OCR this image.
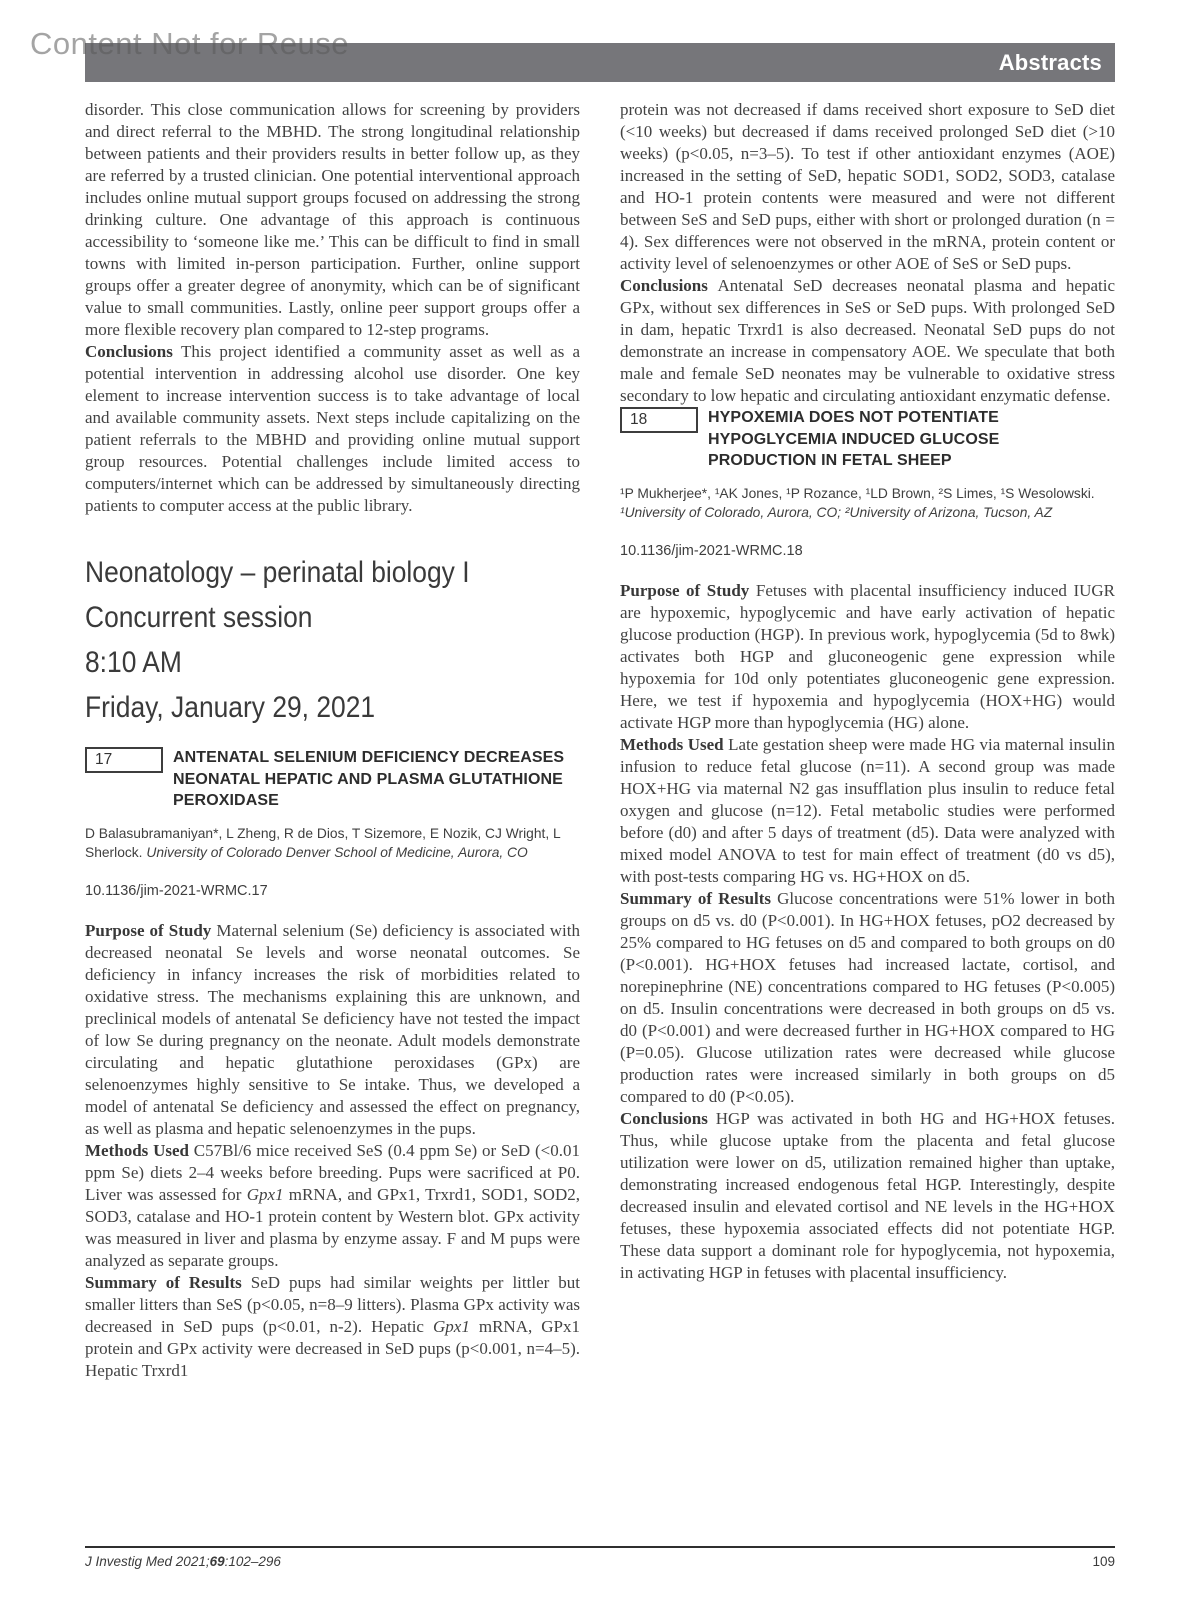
Content Not for Reuse
Abstracts

disorder. This close communication allows for screening by providers and direct referral to the MBHD. The strong longitudinal relationship between patients and their providers results in better follow up, as they are referred by a trusted clinician. One potential interventional approach includes online mutual support groups focused on addressing the strong drinking culture. One advantage of this approach is continuous accessibility to ‘someone like me.’ This can be difficult to find in small towns with limited in-person participation. Further, online support groups offer a greater degree of anonymity, which can be of significant value to small communities. Lastly, online peer support groups offer a more flexible recovery plan compared to 12-step programs.

Conclusions This project identified a community asset as well as a potential intervention in addressing alcohol use disorder. One key element to increase intervention success is to take advantage of local and available community assets. Next steps include capitalizing on the patient referrals to the MBHD and providing online mutual support group resources. Potential challenges include limited access to computers/internet which can be addressed by simultaneously directing patients to computer access at the public library.

Neonatology – perinatal biology I
Concurrent session
8:10 AM
Friday, January 29, 2021
17	ANTENATAL SELENIUM DEFICIENCY DECREASES NEONATAL HEPATIC AND PLASMA GLUTATHIONE PEROXIDASE
D Balasubramaniyan*, L Zheng, R de Dios, T Sizemore, E Nozik, CJ Wright, L Sherlock. University of Colorado Denver School of Medicine, Aurora, CO
10.1136/jim-2021-WRMC.17

Purpose of Study Maternal selenium (Se) deficiency is associated with decreased neonatal Se levels and worse neonatal outcomes. Se deficiency in infancy increases the risk of morbidities related to oxidative stress. The mechanisms explaining this are unknown, and preclinical models of antenatal Se deficiency have not tested the impact of low Se during pregnancy on the neonate. Adult models demonstrate circulating and hepatic glutathione peroxidases (GPx) are selenoenzymes highly sensitive to Se intake. Thus, we developed a model of antenatal Se deficiency and assessed the effect on pregnancy, as well as plasma and hepatic selenoenzymes in the pups.

Methods Used C57Bl/6 mice received SeS (0.4 ppm Se) or SeD (<0.01 ppm Se) diets 2–4 weeks before breeding. Pups were sacrificed at P0. Liver was assessed for Gpx1 mRNA, and GPx1, Trxrd1, SOD1, SOD2, SOD3, catalase and HO-1 protein content by Western blot. GPx activity was measured in liver and plasma by enzyme assay. F and M pups were analyzed as separate groups.

Summary of Results SeD pups had similar weights per littler but smaller litters than SeS (p<0.05, n=8–9 litters). Plasma GPx activity was decreased in SeD pups (p<0.01, n-2). Hepatic Gpx1 mRNA, GPx1 protein and GPx activity were decreased in SeD pups (p<0.001, n=4–5). Hepatic Trxrd1

protein was not decreased if dams received short exposure to SeD diet (<10 weeks) but decreased if dams received prolonged SeD diet (>10 weeks) (p<0.05, n=3–5). To test if other antioxidant enzymes (AOE) increased in the setting of SeD, hepatic SOD1, SOD2, SOD3, catalase and HO-1 protein contents were measured and were not different between SeS and SeD pups, either with short or prolonged duration (n = 4). Sex differences were not observed in the mRNA, protein content or activity level of selenoenzymes or other AOE of SeS or SeD pups.

Conclusions Antenatal SeD decreases neonatal plasma and hepatic GPx, without sex differences in SeS or SeD pups. With prolonged SeD in dam, hepatic Trxrd1 is also decreased. Neonatal SeD pups do not demonstrate an increase in compensatory AOE. We speculate that both male and female SeD neonates may be vulnerable to oxidative stress secondary to low hepatic and circulating antioxidant enzymatic defense.

18	HYPOXEMIA DOES NOT POTENTIATE HYPOGLYCEMIA INDUCED GLUCOSE PRODUCTION IN FETAL SHEEP
¹P Mukherjee*, ¹AK Jones, ¹P Rozance, ¹LD Brown, ²S Limes, ¹S Wesolowski. ¹University of Colorado, Aurora, CO; ²University of Arizona, Tucson, AZ
10.1136/jim-2021-WRMC.18

Purpose of Study Fetuses with placental insufficiency induced IUGR are hypoxemic, hypoglycemic and have early activation of hepatic glucose production (HGP). In previous work, hypoglycemia (5d to 8wk) activates both HGP and gluconeogenic gene expression while hypoxemia for 10d only potentiates gluconeogenic gene expression. Here, we test if hypoxemia and hypoglycemia (HOX+HG) would activate HGP more than hypoglycemia (HG) alone.

Methods Used Late gestation sheep were made HG via maternal insulin infusion to reduce fetal glucose (n=11). A second group was made HOX+HG via maternal N2 gas insufflation plus insulin to reduce fetal oxygen and glucose (n=12). Fetal metabolic studies were performed before (d0) and after 5 days of treatment (d5). Data were analyzed with mixed model ANOVA to test for main effect of treatment (d0 vs d5), with post-tests comparing HG vs. HG+HOX on d5.

Summary of Results Glucose concentrations were 51% lower in both groups on d5 vs. d0 (P<0.001). In HG+HOX fetuses, pO2 decreased by 25% compared to HG fetuses on d5 and compared to both groups on d0 (P<0.001). HG+HOX fetuses had increased lactate, cortisol, and norepinephrine (NE) concentrations compared to HG fetuses (P<0.005) on d5. Insulin concentrations were decreased in both groups on d5 vs. d0 (P<0.001) and were decreased further in HG+HOX compared to HG (P=0.05). Glucose utilization rates were decreased while glucose production rates were increased similarly in both groups on d5 compared to d0 (P<0.05).

Conclusions HGP was activated in both HG and HG+HOX fetuses. Thus, while glucose uptake from the placenta and fetal glucose utilization were lower on d5, utilization remained higher than uptake, demonstrating increased endogenous fetal HGP. Interestingly, despite decreased insulin and elevated cortisol and NE levels in the HG+HOX fetuses, these hypoxemia associated effects did not potentiate HGP. These data support a dominant role for hypoglycemia, not hypoxemia, in activating HGP in fetuses with placental insufficiency.

J Investig Med 2021;69:102–296	109
